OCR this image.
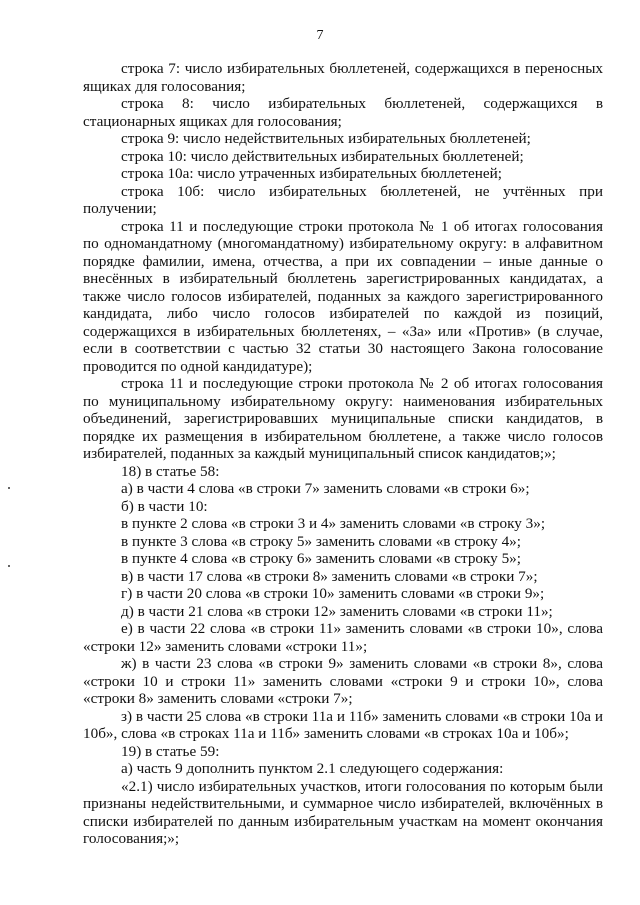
7
строка 7: число избирательных бюллетеней, содержащихся в переносных
ящиках для голосования;
строка 8: число избирательных бюллетеней, содержащихся в
стационарных ящиках для голосования;
строка 9: число недействительных избирательных бюллетеней;
строка 10: число действительных избирательных бюллетеней;
строка 10а: число утраченных избирательных бюллетеней;
строка 10б: число избирательных бюллетеней, не учтённых при
получении;
строка 11 и последующие строки протокола № 1 об итогах голосования
по одномандатному (многомандатному) избирательному округу: в алфавитном
порядке фамилии, имена, отчества, а при их совпадении – иные данные о
внесённых в избирательный бюллетень зарегистрированных кандидатах, а
также число голосов избирателей, поданных за каждого зарегистрированного
кандидата, либо число голосов избирателей по каждой из позиций,
содержащихся в избирательных бюллетенях, – «За» или «Против» (в случае,
если в соответствии с частью 32 статьи 30 настоящего Закона голосование
проводится по одной кандидатуре);
строка 11 и последующие строки протокола № 2 об итогах голосования
по муниципальному избирательному округу: наименования избирательных
объединений, зарегистрировавших муниципальные списки кандидатов, в
порядке их размещения в избирательном бюллетене, а также число голосов
избирателей, поданных за каждый муниципальный список кандидатов;»;
18) в статье 58:
а) в части 4 слова «в строки 7» заменить словами «в строки 6»;
б) в части 10:
в пункте 2 слова «в строки 3 и 4» заменить словами «в строку 3»;
в пункте 3 слова «в строку 5» заменить словами «в строку 4»;
в пункте 4 слова «в строку 6» заменить словами «в строку 5»;
в) в части 17 слова «в строки 8» заменить словами «в строки 7»;
г) в части 20 слова «в строки 10» заменить словами «в строки 9»;
д) в части 21 слова «в строки 12» заменить словами «в строки 11»;
е) в части 22 слова «в строки 11» заменить словами «в строки 10», слова
«строки 12» заменить словами «строки 11»;
ж) в части 23 слова «в строки 9» заменить словами «в строки 8», слова
«строки 10 и строки 11» заменить словами «строки 9 и строки 10», слова
«строки 8» заменить словами «строки 7»;
з) в части 25 слова «в строки 11а и 11б» заменить словами «в строки 10а и
10б», слова «в строках 11а и 11б» заменить словами «в строках 10а и 10б»;
19) в статье 59:
а) часть 9 дополнить пунктом 2.1 следующего содержания:
«2.1) число избирательных участков, итоги голосования по которым были
признаны недействительными, и суммарное число избирателей, включённых в
списки избирателей по данным избирательным участкам на момент окончания
голосования;»;
